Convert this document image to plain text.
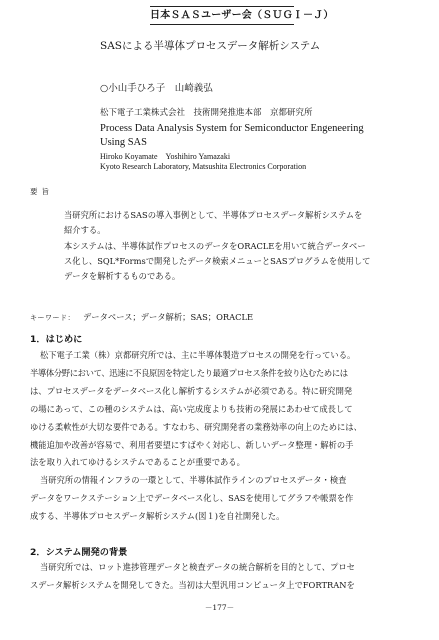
日本ＳＡＳユーザー会（ＳＵＧＩ－Ｊ）
SASによる半導体プロセスデータ解析システム
○小山手ひろ子　山崎義弘
松下電子工業株式会社　技術開発推進本部　京都研究所
Process Data Analysis System for Semiconductor Engeneering
Using SAS
Hiroko Koyamate　Yoshihiro Yamazaki
Kyoto Research Laboratory, Matsushita Electronics Corporation
要旨
当研究所におけるSASの導入事例として、半導体プロセスデータ解析システムを
紹介する。
本システムは、半導体試作プロセスのデータをORACLEを用いて統合データベー
ス化し、SQL*Formsで開発したデータ検索メニューとSASプログラムを使用して
データを解析するものである。
キーワード： データベース；データ解析；SAS；ORACLE
1．はじめに
松下電子工業（株）京都研究所では、主に半導体製造プロセスの開発を行っている。
半導体分野において、迅速に不良原因を特定したり最適プロセス条件を絞り込むためには
は、プロセスデータをデータベース化し解析するシステムが必須である。特に研究開発
の場にあって、この種のシステムは、高い完成度よりも技術の発展にあわせて成長して
ゆける柔軟性が大切な要件である。すなわち、研究開発者の業務効率の向上のためには、
機能追加や改善が容易で、利用者要望にすばやく対応し、新しいデータ整理・解析の手
法を取り入れてゆけるシステムであることが重要である。
当研究所の情報インフラの一環として、半導体試作ラインのプロセスデータ・検査
データをワークステーション上でデータベース化し、SASを使用してグラフや帳票を作
成する、半導体プロセスデータ解析システム(図１)を自社開発した。
2．システム開発の背景
当研究所では、ロット進捗管理データと検査データの統合解析を目的として、プロセ
スデータ解析システムを開発してきた。当初は大型汎用コンピュータ上でFORTRANを
－177－
